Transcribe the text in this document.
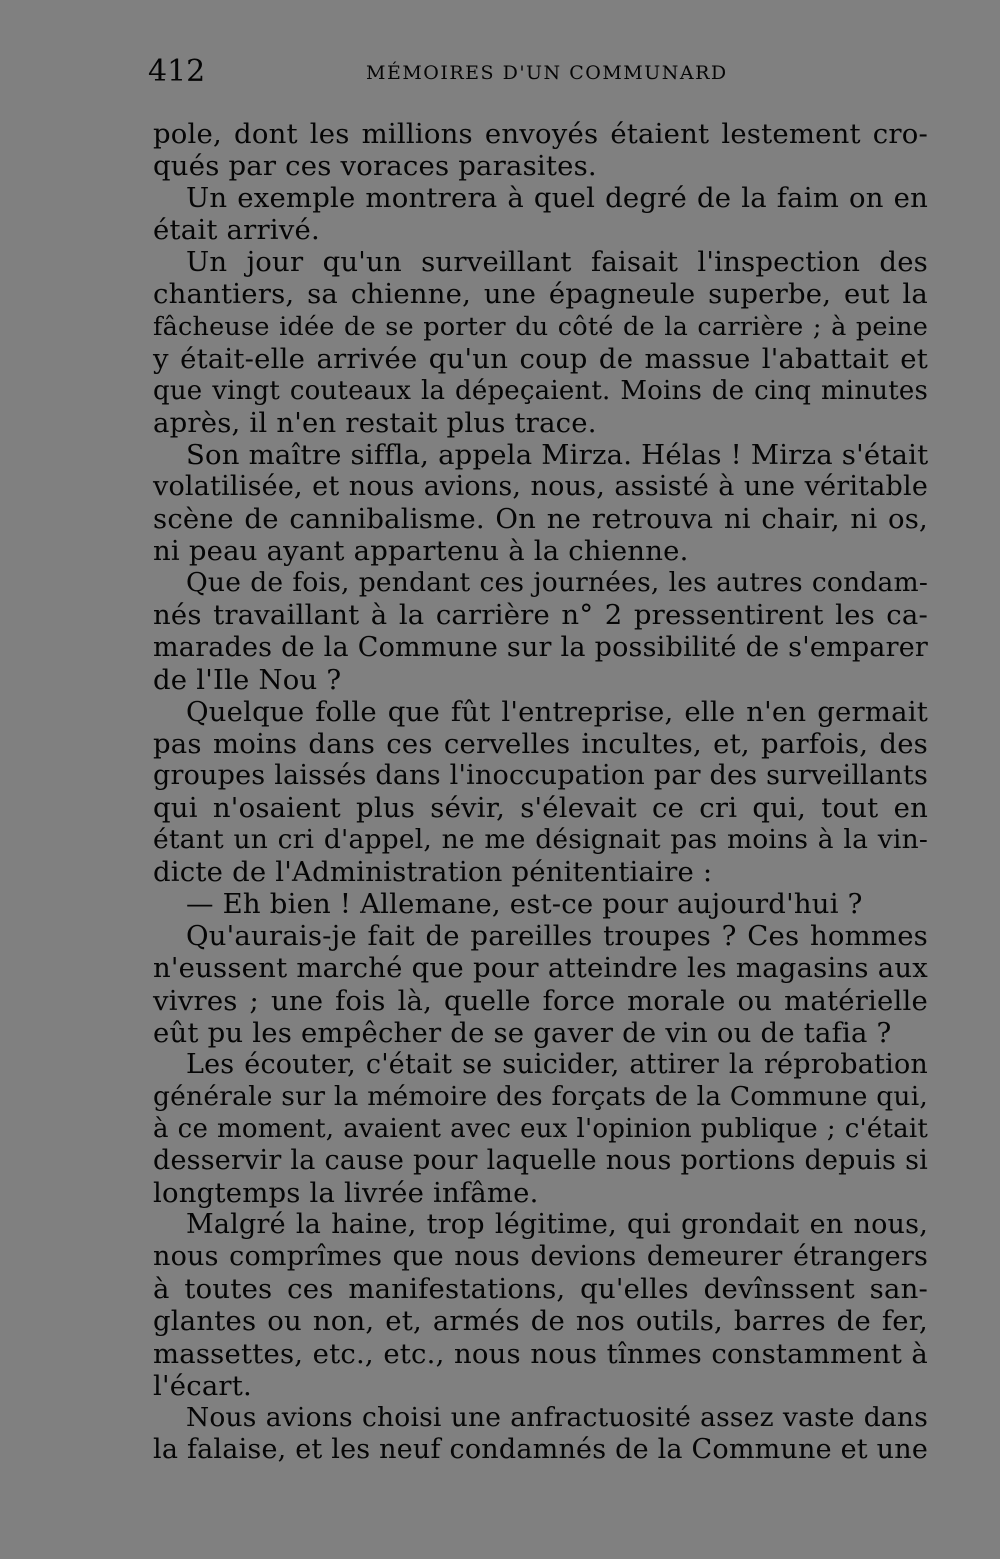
412	MÉMOIRES D'UN COMMUNARD
pole, dont les millions envoyés étaient lestement cro-
qués par ces voraces parasites.
Un exemple montrera à quel degré de la faim on en
était arrivé.
Un jour qu'un surveillant faisait l'inspection des
chantiers, sa chienne, une épagneule superbe, eut la
fâcheuse idée de se porter du côté de la carrière ; à peine
y était-elle arrivée qu'un coup de massue l'abattait et
que vingt couteaux la dépeçaient. Moins de cinq minutes
après, il n'en restait plus trace.
Son maître siffla, appela Mirza. Hélas ! Mirza s'était
volatilisée, et nous avions, nous, assisté à une véritable
scène de cannibalisme. On ne retrouva ni chair, ni os,
ni peau ayant appartenu à la chienne.
Que de fois, pendant ces journées, les autres condam-
nés travaillant à la carrière n° 2 pressentirent les ca-
marades de la Commune sur la possibilité de s'emparer
de l'Ile Nou ?
Quelque folle que fût l'entreprise, elle n'en germait
pas moins dans ces cervelles incultes, et, parfois, des
groupes laissés dans l'inoccupation par des surveillants
qui n'osaient plus sévir, s'élevait ce cri qui, tout en
étant un cri d'appel, ne me désignait pas moins à la vin-
dicte de l'Administration pénitentiaire :
— Eh bien ! Allemane, est-ce pour aujourd'hui ?
Qu'aurais-je fait de pareilles troupes ? Ces hommes
n'eussent marché que pour atteindre les magasins aux
vivres ; une fois là, quelle force morale ou matérielle
eût pu les empêcher de se gaver de vin ou de tafia ?
Les écouter, c'était se suicider, attirer la réprobation
générale sur la mémoire des forçats de la Commune qui,
à ce moment, avaient avec eux l'opinion publique ; c'était
desservir la cause pour laquelle nous portions depuis si
longtemps la livrée infâme.
Malgré la haine, trop légitime, qui grondait en nous,
nous comprîmes que nous devions demeurer étrangers
à toutes ces manifestations, qu'elles devînssent san-
glantes ou non, et, armés de nos outils, barres de fer,
massettes, etc., etc., nous nous tînmes constamment à
l'écart.
Nous avions choisi une anfractuosité assez vaste dans
la falaise, et les neuf condamnés de la Commune et une
